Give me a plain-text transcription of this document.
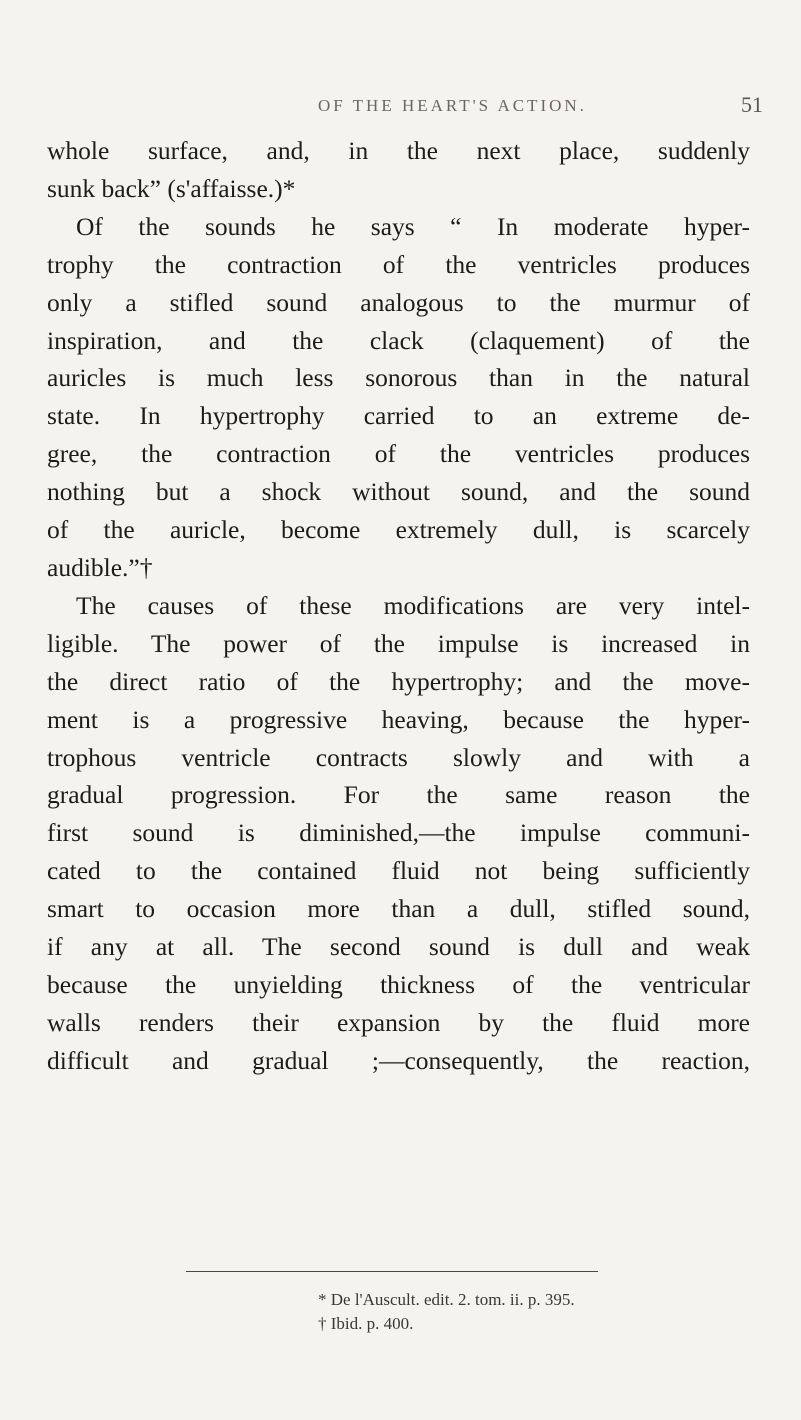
OF THE HEART'S ACTION.	51
whole surface, and, in the next place, suddenly
sunk back” (s'affaisse.)*
Of the sounds he says “ In moderate hyper-
trophy the contraction of the ventricles produces
only a stifled sound analogous to the murmur of
inspiration, and the clack (claquement) of the
auricles is much less sonorous than in the natural
state. In hypertrophy carried to an extreme de-
gree, the contraction of the ventricles produces
nothing but a shock without sound, and the sound
of the auricle, become extremely dull, is scarcely
audible.”†
The causes of these modifications are very intel-
ligible. The power of the impulse is increased in
the direct ratio of the hypertrophy; and the move-
ment is a progressive heaving, because the hyper-
trophous ventricle contracts slowly and with a
gradual progression. For the same reason the
first sound is diminished,—the impulse communi-
cated to the contained fluid not being sufficiently
smart to occasion more than a dull, stifled sound,
if any at all. The second sound is dull and weak
because the unyielding thickness of the ventricular
walls renders their expansion by the fluid more
difficult and gradual ;—consequently, the reaction,
* De l'Auscult. edit. 2. tom. ii. p. 395.
† Ibid. p. 400.
